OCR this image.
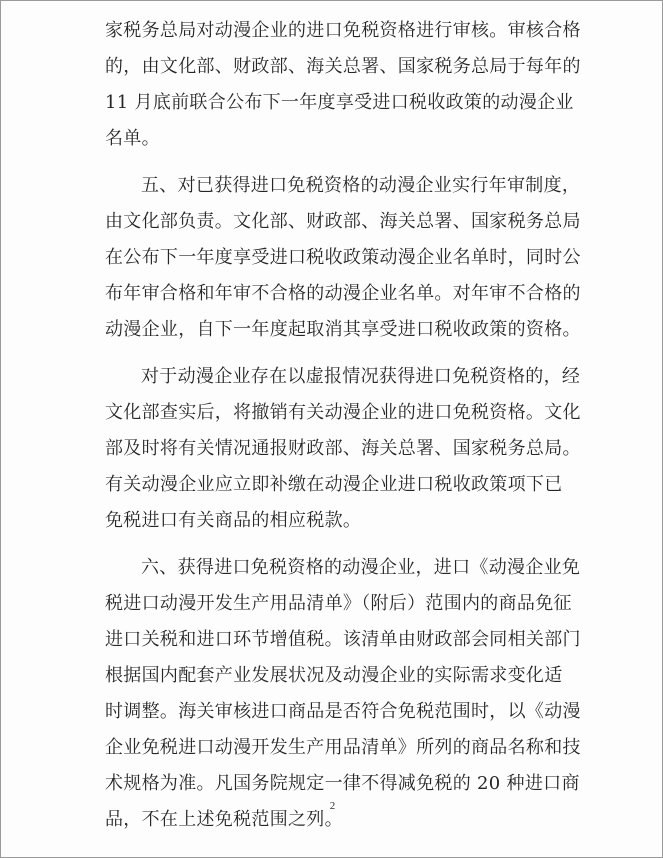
家税务总局对动漫企业的进口免税资格进行审核。审核合格
的，由文化部、财政部、海关总署、国家税务总局于每年的
11 月底前联合公布下一年度享受进口税收政策的动漫企业
名单。
五、对已获得进口免税资格的动漫企业实行年审制度，
由文化部负责。文化部、财政部、海关总署、国家税务总局
在公布下一年度享受进口税收政策动漫企业名单时，同时公
布年审合格和年审不合格的动漫企业名单。对年审不合格的
动漫企业，自下一年度起取消其享受进口税收政策的资格。
对于动漫企业存在以虚报情况获得进口免税资格的，经
文化部查实后，将撤销有关动漫企业的进口免税资格。文化
部及时将有关情况通报财政部、海关总署、国家税务总局。
有关动漫企业应立即补缴在动漫企业进口税收政策项下已
免税进口有关商品的相应税款。
六、获得进口免税资格的动漫企业，进口《动漫企业免
税进口动漫开发生产用品清单》（附后）范围内的商品免征
进口关税和进口环节增值税。该清单由财政部会同相关部门
根据国内配套产业发展状况及动漫企业的实际需求变化适
时调整。海关审核进口商品是否符合免税范围时，以《动漫
企业免税进口动漫开发生产用品清单》所列的商品名称和技
术规格为准。凡国务院规定一律不得减免税的 20 种进口商
品，不在上述免税范围之列。
2
